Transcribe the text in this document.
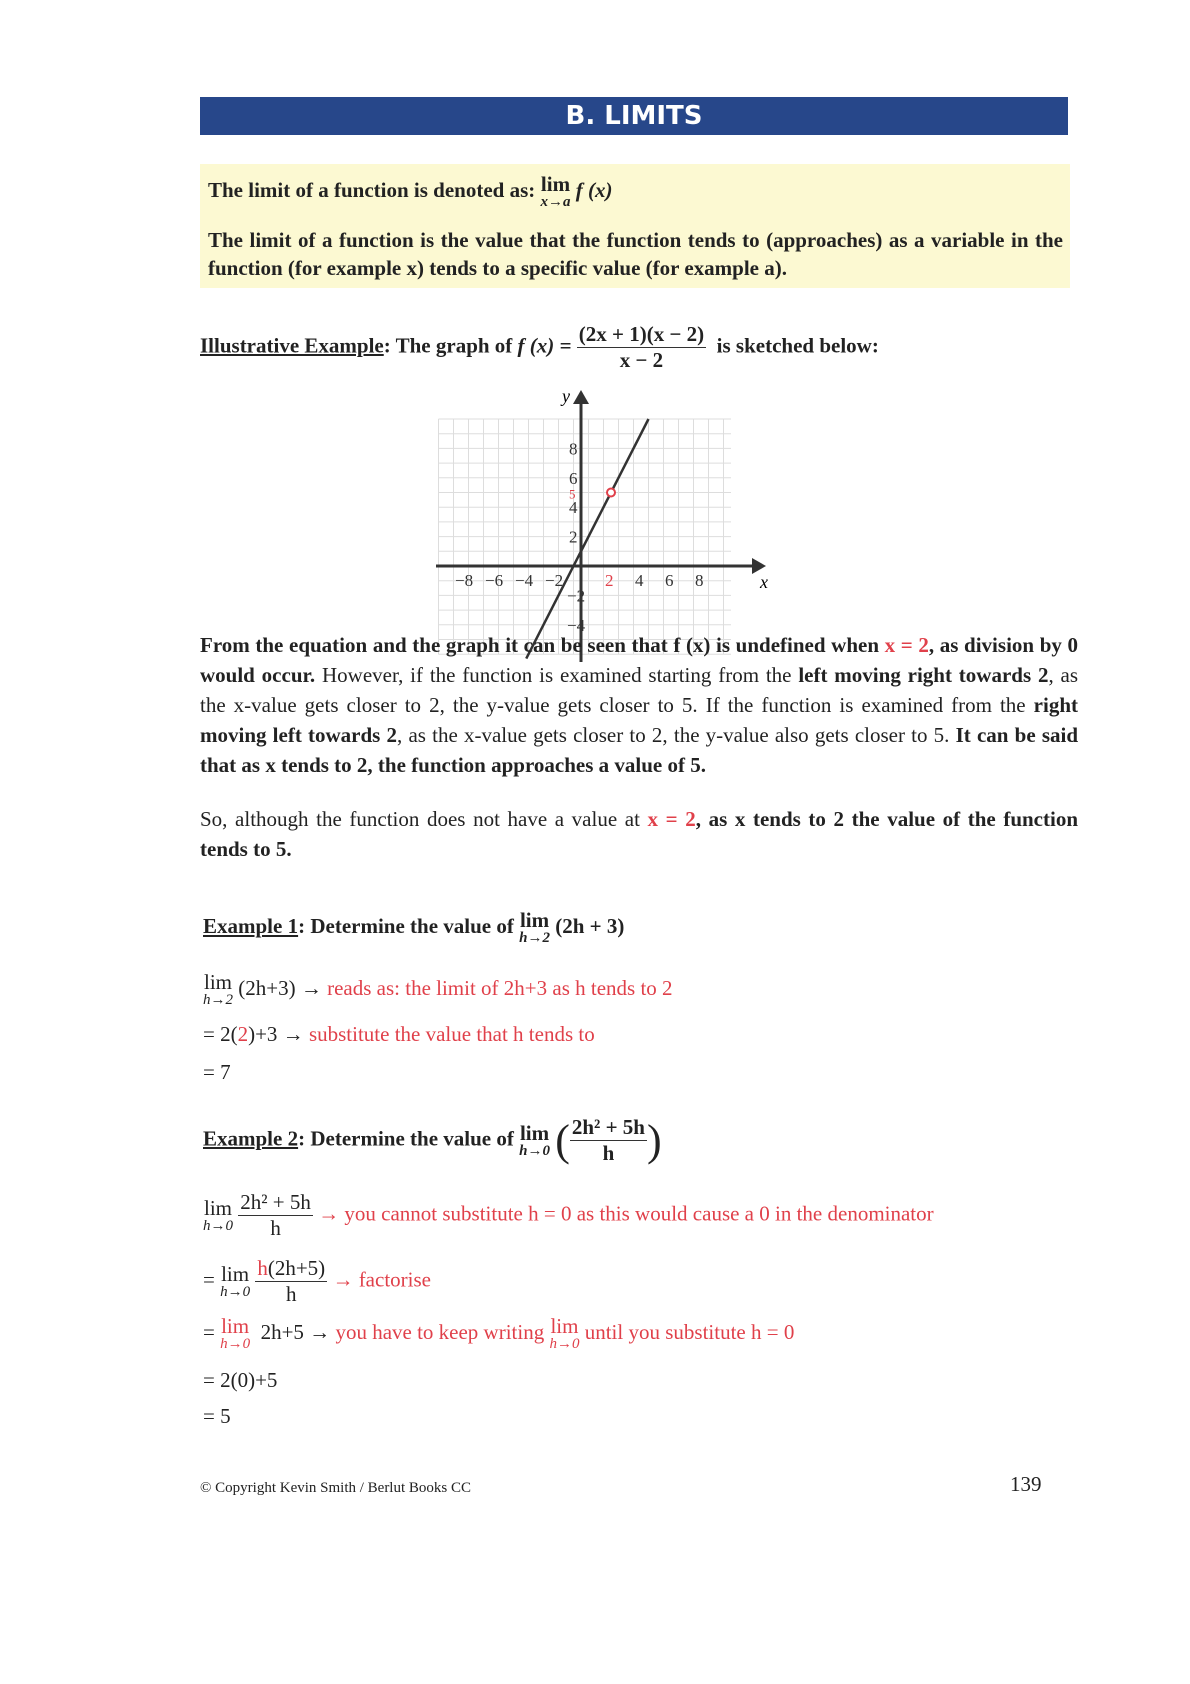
B. LIMITS
The limit of a function is denoted as: lim
x→a
f (x)

The limit of a function is the value that the function tends to (approaches) as a variable in the function (for example x) tends to a specific value (for example a).

Illustrative Example: The graph of f $(x) = \frac{(2x + 1)(x - 2)}{x - 2}$ is sketched below:
x
y
−8 −6 −4 −2 2 4 6 8
8
6
5
4
2
−2
−4
From the equation and the graph it can be seen that f (x) is undefined when x = 2, as division by 0 would occur. However, if the function is examined starting from the left moving right towards 2, as the x-value gets closer to 2, the y-value gets closer to 5. If the function is examined from the right moving left towards 2, as the x-value gets closer to 2, the y-value also gets closer to 5. It can be said that as x tends to 2, the function approaches a value of 5.
So, although the function does not have a value at x = 2, as x tends to 2 the value of the function tends to 5.
Example 1: Determine the value of lim
h→2
(2h + 3)
lim
h→2
(2h+3) → reads as: the limit of 2h+3 as h tends to 2
= 2(2)+3 → substitute the value that h tends to
= 7
Example 2: Determine the value of lim
h→0 ( $\frac{\text{2h² + 5h}}{h}$ )
lim
h→0
$\frac{\text{2h² + 5h}}{h}$ → you cannot substitute h = 0 as this would cause a 0 in the denominator
= lim
h→0
$\frac{h(2h+5)}{h}$ → factorise
= lim
h→0
2h+5 → you have to keep writing lim
h→0
until you substitute h = 0
= 2(0)+5
= 5
© Copyright Kevin Smith / Berlut Books CC	139
